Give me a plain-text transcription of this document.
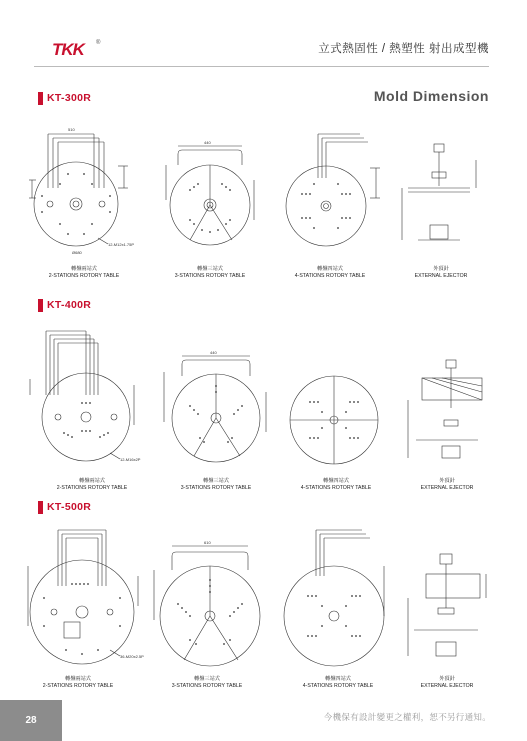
TKK ®	立式熱固性 / 熱塑性 射出成型機
Mold Dimension
KT-300R
KT-400R
KT-500R
12-M12x1.75P
510
Ø680
440
轉盤兩站式
2-STATIONS ROTORY TABLE
轉盤三站式
3-STATIONS ROTORY TABLE
轉盤四站式
4-STATIONS ROTORY TABLE
外頂針
EXTERNAL EJECTOR
12-M16x2P
440
轉盤兩站式
2-STATIONS ROTORY TABLE
轉盤三站式
3-STATIONS ROTORY TABLE
轉盤四站式
4-STATIONS ROTORY TABLE
外頂針
EXTERNAL EJECTOR
36-M20x2.5P
610
轉盤兩站式
2-STATIONS ROTORY TABLE
轉盤三站式
3-STATIONS ROTORY TABLE
轉盤四站式
4-STATIONS ROTORY TABLE
外頂針
EXTERNAL EJECTOR
28	今機保有設計變更之權利，恕不另行通知。
